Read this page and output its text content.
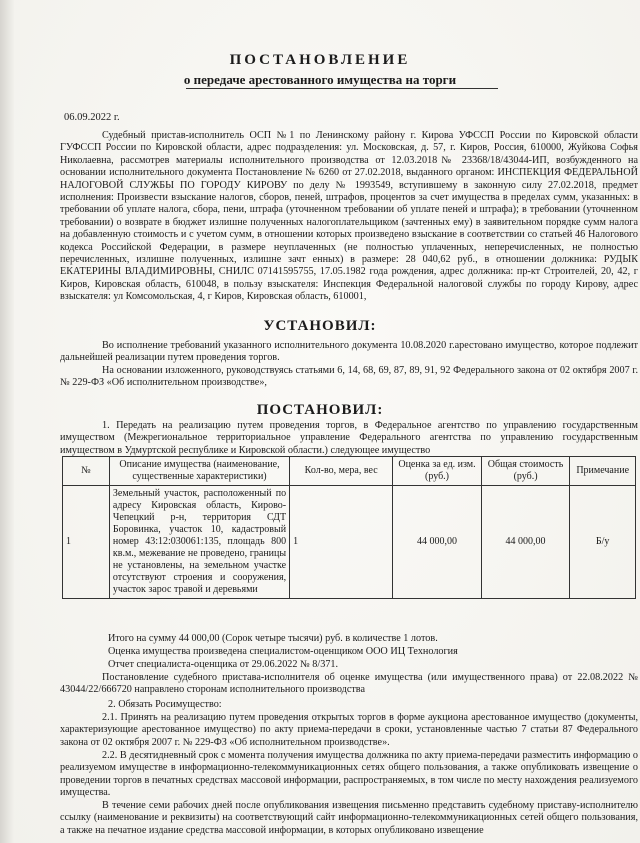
ПОСТАНОВЛЕНИЕ
о передаче арестованного имущества на торги
06.09.2022 г.

Судебный пристав-исполнитель ОСП №1 по Ленинскому району г. Кирова УФССП России по Кировской области ГУФССП России по Кировской области, адрес подразделения: ул. Московская, д. 57, г. Киров, Россия, 610000, Жуйкова Софья Николаевна, рассмотрев материалы исполнительного производства от 12.03.2018№ 23368/18/43044-ИП, возбужденного на основании исполнительного документа Постановление № 6260 от 27.02.2018, выданного органом: ИНСПЕКЦИЯ ФЕДЕРАЛЬНОЙ НАЛОГОВОЙ СЛУЖБЫ ПО ГОРОДУ КИРОВУ по делу № 1993549, вступившему в законную силу 27.02.2018, предмет исполнения: Произвести взыскание налогов, сборов, пеней, штрафов, процентов за счет имущества в пределах сумм, указанных: в требовании об уплате налога, сбора, пени, штрафа (уточненном требовании об уплате пеней и штрафа); в требовании (уточненном требовании) о возврате в бюджет излишне полученных налогоплательщиком (зачтенных ему) в заявительном порядке сумм налога на добавленную стоимость и с учетом сумм, в отношении которых произведено взыскание в соответствии со статьей 46 Налогового кодекса Российской Федерации, в размере неуплаченных (не полностью уплаченных, неперечисленных, не полностью перечисленных, излишне полученных, излишне зачт енных) в размере: 28 040,62 руб., в отношении должника: РУДЫК ЕКАТЕРИНЫ ВЛАДИМИРОВНЫ, СНИЛС 07141595755, 17.05.1982 года рождения, адрес должника: пр-кт Строителей, 20, 42, г Киров, Кировская область, 610048, в пользу взыскателя: Инспекция Федеральной налоговой службы по городу Кирову, адрес взыскателя: ул Комсомольская, 4, г Киров, Кировская область, 610001,

УСТАНОВИЛ:

Во исполнение требований указанного исполнительного документа 10.08.2020 г.арестовано имущество, которое подлежит дальнейшей реализации путем проведения торгов.

На основании изложенного, руководствуясь статьями 6, 14, 68, 69, 87, 89, 91, 92 Федерального закона от 02 октября 2007 г. № 229-ФЗ «Об исполнительном производстве»,

ПОСТАНОВИЛ:

1. Передать на реализацию путем проведения торгов, в Федеральное агентство по управлению государственным имуществом (Межрегиональное территориальное управление Федерального агентства по управлению государственным имуществом в Удмуртской республике и Кировской области.) следующее имущество

№	Описание имущества (наименование, существенные характеристики)	Кол-во, мера, вес	Оценка за ед. изм. (руб.)	Общая стоимость (руб.)	Примечание
1	Земельный участок, расположенный по адресу Кировская область, Кирово-Чепецкий р-н, территория СДТ Боровинка, участок 10, кадастровый номер 43:12:030061:135, площадь 800 кв.м., межевание не проведено, границы не установлены, на земельном участке отсутствуют строения и сооружения, участок зарос травой и деревьями	1	44 000,00	44 000,00	Б/у
Итого на сумму 44 000,00 (Сорок четыре тысячи) руб. в количестве 1 лотов.
Оценка имущества произведена специалистом-оценщиком ООО ИЦ Технология
Отчет специалиста-оценщика от 29.06.2022 № 8/371.
Постановление судебного пристава-исполнителя об оценке имущества (или имущественного права) от 22.08.2022 № 43044/22/666720 направлено сторонам исполнительного производства
2. Обязать Росимущество:
2.1. Принять на реализацию путем проведения открытых торгов в форме аукциона арестованное имущество (документы, характеризующие арестованное имущество) по акту приема-передачи в сроки, установленные частью 7 статьи 87 Федерального закона от 02 октября 2007 г. № 229-ФЗ «Об исполнительном производстве».
2.2. В десятидневный срок с момента получения имущества должника по акту приема-передачи разместить информацию о реализуемом имуществе в информационно-телекоммуникационных сетях общего пользования, а также опубликовать извещение о проведении торгов в печатных средствах массовой информации, распространяемых, в том числе по месту нахождения реализуемого имущества.
В течение семи рабочих дней после опубликования извещения письменно представить судебному приставу-исполнителю ссылку (наименование и реквизиты) на соответствующий сайт информационно-телекоммуникационных сетей общего пользования, а также на печатное издание средства массовой информации, в которых опубликовано извещение
